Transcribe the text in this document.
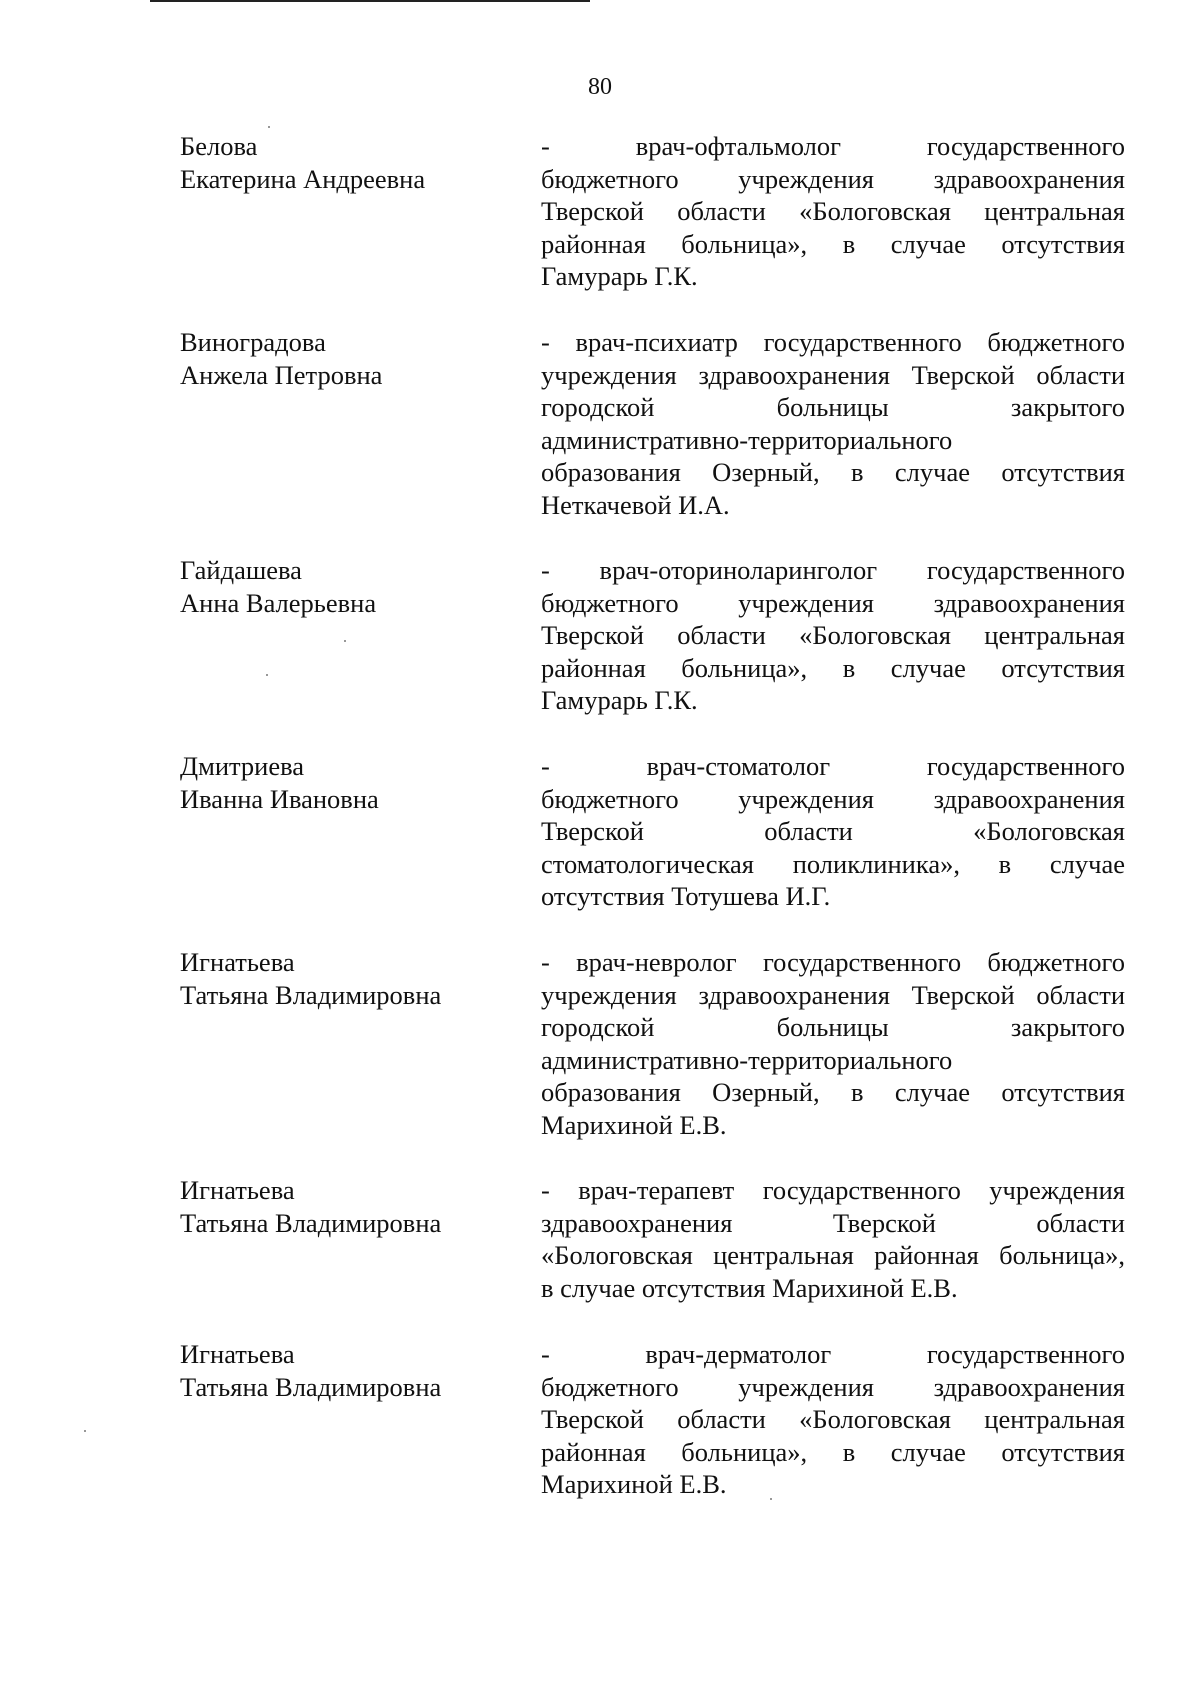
80
Белова
Екатерина Андреевна
- врач-офтальмолог государственного
бюджетного учреждения здравоохранения
Тверской области «Бологовская центральная
районная больница», в случае отсутствия
Гамурарь Г.К.
Виноградова
Анжела Петровна
- врач-психиатр государственного бюджетного
учреждения здравоохранения Тверской области
городской больницы закрытого
административно-территориального
образования Озерный, в случае отсутствия
Неткачевой И.А.
Гайдашева
Анна Валерьевна
- врач-оториноларинголог государственного
бюджетного учреждения здравоохранения
Тверской области «Бологовская центральная
районная больница», в случае отсутствия
Гамурарь Г.К.
Дмитриева
Иванна Ивановна
- врач-стоматолог государственного
бюджетного учреждения здравоохранения
Тверской области «Бологовская
стоматологическая поликлиника», в случае
отсутствия Тотушева И.Г.
Игнатьева
Татьяна Владимировна
- врач-невролог государственного бюджетного
учреждения здравоохранения Тверской области
городской больницы закрытого
административно-территориального
образования Озерный, в случае отсутствия
Марихиной Е.В.
Игнатьева
Татьяна Владимировна
- врач-терапевт государственного учреждения
здравоохранения Тверской области
«Бологовская центральная районная больница»,
в случае отсутствия Марихиной Е.В.
Игнатьева
Татьяна Владимировна
- врач-дерматолог государственного
бюджетного учреждения здравоохранения
Тверской области «Бологовская центральная
районная больница», в случае отсутствия
Марихиной Е.В.
